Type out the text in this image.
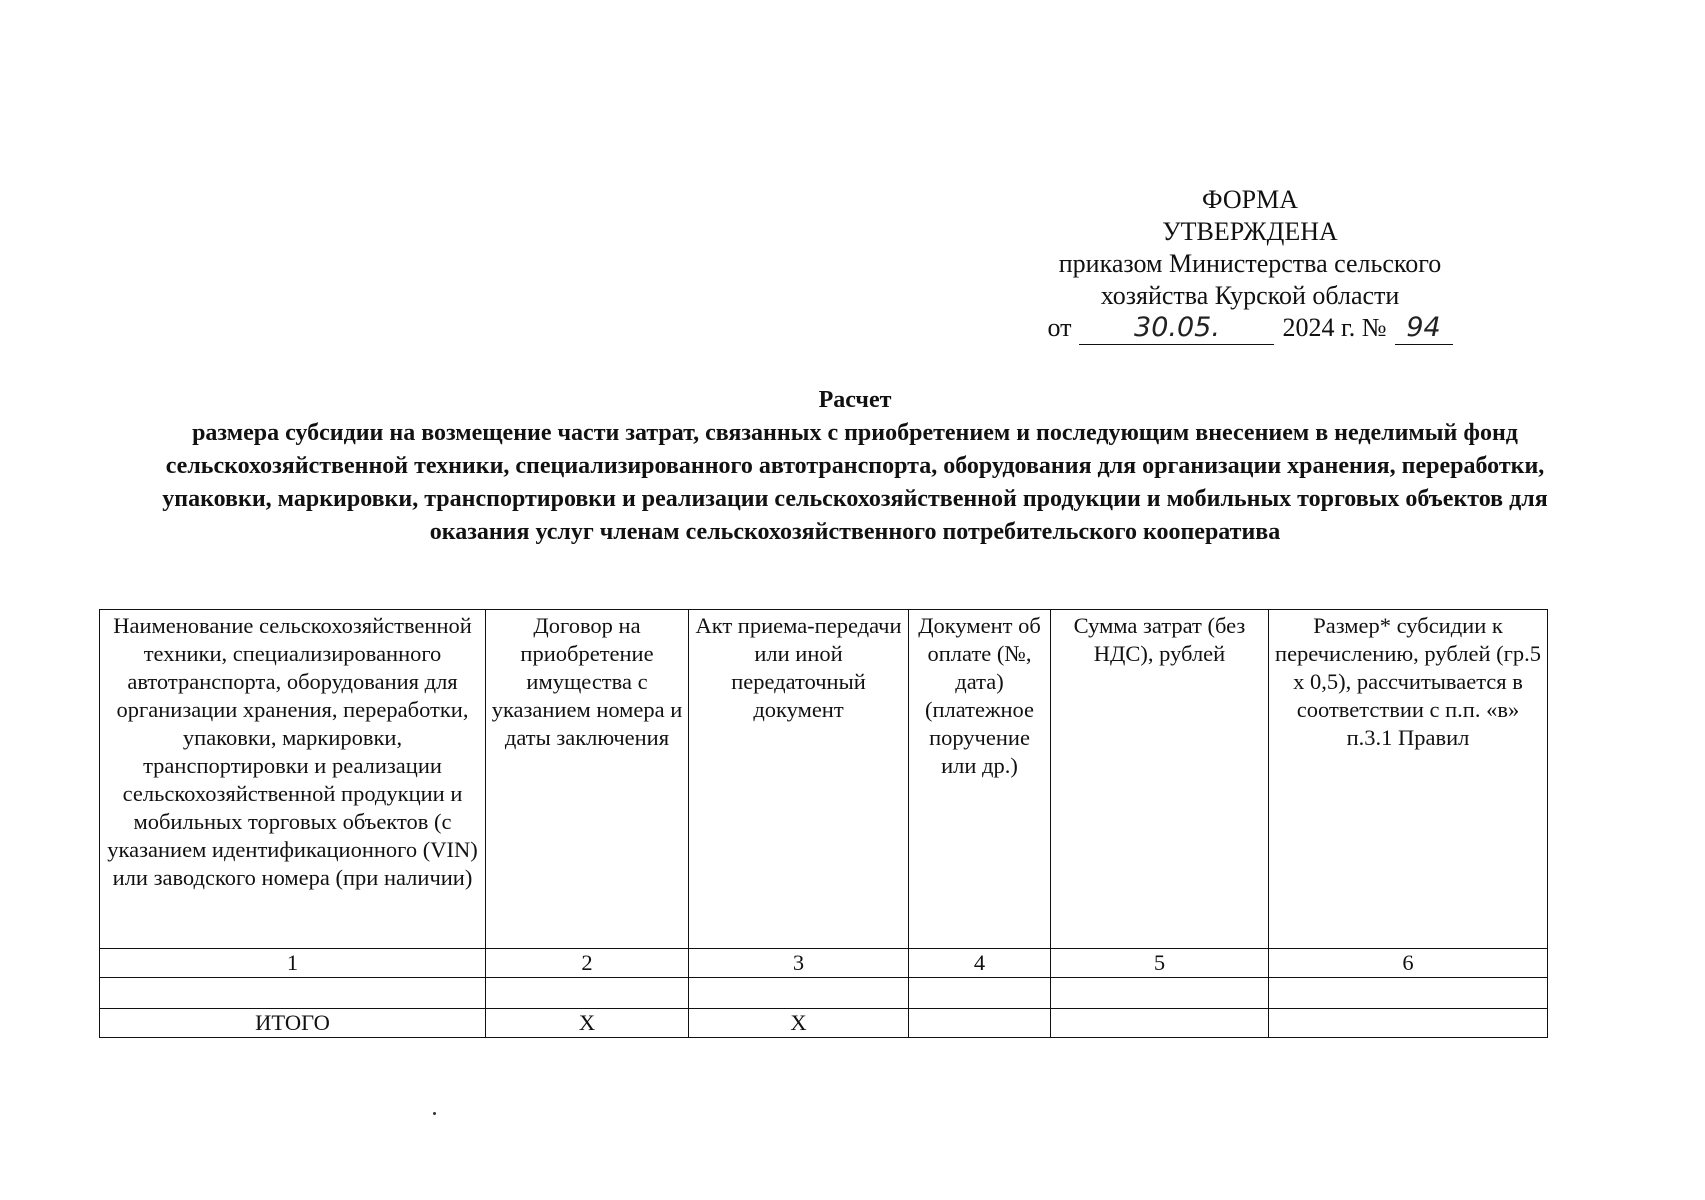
ФОРМА
УТВЕРЖДЕНА
приказом Министерства сельского
хозяйства Курской области
от	30.05.	2024 г. № 94
Расчет
размера субсидии на возмещение части затрат, связанных с приобретением и последующим внесением в неделимый фонд сельскохозяйственной техники, специализированного автотранспорта, оборудования для организации хранения, переработки, упаковки, маркировки, транспортировки и реализации сельскохозяйственной продукции и мобильных торговых объектов для оказания услуг членам сельскохозяйственного потребительского кооператива
Наименование сельскохозяйственной техники, специализированного автотранспорта, оборудования для организации хранения, переработки, упаковки, маркировки, транспортировки и реализации сельскохозяйственной продукции и мобильных торговых объектов (с указанием идентификационного (VIN) или заводского номера (при наличии)	Договор на приобретение имущества с указанием номера и даты заключения	Акт приема-передачи или иной передаточный документ	Документ об оплате (№, дата) (платежное поручение или др.)	Сумма затрат (без НДС), рублей	Размер* субсидии к перечислению, рублей (гр.5 х 0,5), рассчитывается в соответствии с п.п. «в» п.3.1 Правил
1	2	3	4	5	6

ИТОГО	Х	Х			
